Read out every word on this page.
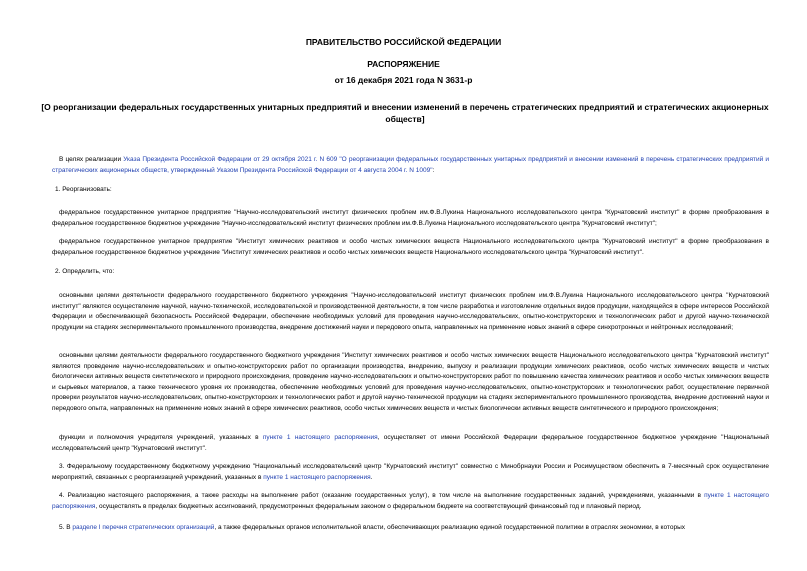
ПРАВИТЕЛЬСТВО РОССИЙСКОЙ ФЕДЕРАЦИИ
РАСПОРЯЖЕНИЕ
от 16 декабря 2021 года N 3631-р
[О реорганизации федеральных государственных унитарных предприятий и внесении изменений в перечень стратегических предприятий и стратегических акционерных обществ]

В целях реализации Указа Президента Российской Федерации от 29 октября 2021 г. N 609 "О реорганизации федеральных государственных унитарных предприятий и внесении изменений в перечень стратегических предприятий и стратегических акционерных обществ, утвержденный Указом Президента Российской Федерации от 4 августа 2004 г. N 1009":

1. Реорганизовать:

федеральное государственное унитарное предприятие "Научно-исследовательский институт физических проблем им.Ф.В.Лукина Национального исследовательского центра "Курчатовский институт" в форме преобразования в федеральное государственное бюджетное учреждение "Научно-исследовательский институт физических проблем им.Ф.В.Лукина Национального исследовательского центра "Курчатовский институт";

федеральное государственное унитарное предприятие "Институт химических реактивов и особо чистых химических веществ Национального исследовательского центра "Курчатовский институт" в форме преобразования в федеральное государственное бюджетное учреждение "Институт химических реактивов и особо чистых химических веществ Национального исследовательского центра "Курчатовский институт".

2. Определить, что:

основными целями деятельности федерального государственного бюджетного учреждения "Научно-исследовательский институт физических проблем им.Ф.В.Лукина Национального исследовательского центра "Курчатовский институт" являются осуществление научной, научно-технической, исследовательской и производственной деятельности, в том числе разработка и изготовление отдельных видов продукции, находящейся в сфере интересов Российской Федерации и обеспечивающей безопасность Российской Федерации, обеспечение необходимых условий для проведения научно-исследовательских, опытно-конструкторских и технологических работ и другой научно-технической продукции на стадиях экспериментального промышленного производства, внедрение достижений науки и передового опыта, направленных на применение новых знаний в сфере синхротронных и нейтронных исследований;

основными целями деятельности федерального государственного бюджетного учреждения "Институт химических реактивов и особо чистых химических веществ Национального исследовательского центра "Курчатовский институт" являются проведение научно-исследовательских и опытно-конструкторских работ по организации производства, внедрению, выпуску и реализации продукции химических реактивов, особо чистых химических веществ и чистых биологически активных веществ синтетического и природного происхождения, проведение научно-исследовательских и опытно-конструкторских работ по повышению качества химических реактивов и особо чистых химических веществ и сырьевых материалов, а также технического уровня их производства, обеспечение необходимых условий для проведения научно-исследовательских, опытно-конструкторских и технологических работ, осуществление первичной проверки результатов научно-исследовательских, опытно-конструкторских и технологических работ и другой научно-технической продукции на стадиях экспериментального промышленного производства, внедрение достижений науки и передового опыта, направленных на применение новых знаний в сфере химических реактивов, особо чистых химических веществ и чистых биологически активных веществ синтетического и природного происхождения;

функции и полномочия учредителя учреждений, указанных в пункте 1 настоящего распоряжения, осуществляет от имени Российской Федерации федеральное государственное бюджетное учреждение "Национальный исследовательский центр "Курчатовский институт".

3. Федеральному государственному бюджетному учреждению "Национальный исследовательский центр "Курчатовский институт" совместно с Минобрнауки России и Росимуществом обеспечить в 7-месячный срок осуществление мероприятий, связанных с реорганизацией учреждений, указанных в пункте 1 настоящего распоряжения.

4. Реализацию настоящего распоряжения, а также расходы на выполнение работ (оказание государственных услуг), в том числе на выполнение государственных заданий, учреждениями, указанными в пункте 1 настоящего распоряжения, осуществлять в пределах бюджетных ассигнований, предусмотренных федеральным законом о федеральном бюджете на соответствующий финансовый год и плановый период.

5. В разделе I перечня стратегических организаций, а также федеральных органов исполнительной власти, обеспечивающих реализацию единой государственной политики в отраслях экономики, в которых
